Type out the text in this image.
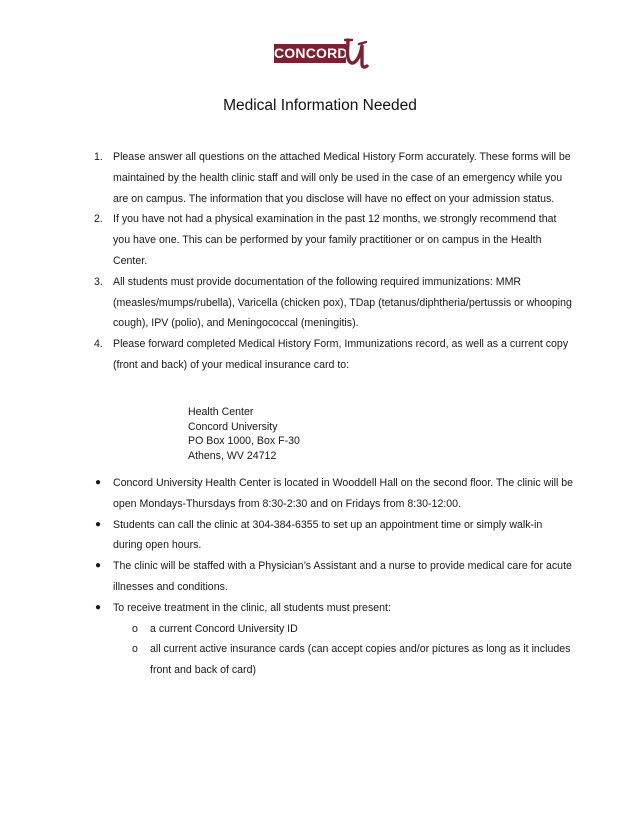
CONCORD
Medical Information Needed
1. Please answer all questions on the attached Medical History Form accurately. These forms will be maintained by the health clinic staff and will only be used in the case of an emergency while you are on campus. The information that you disclose will have no effect on your admission status.
2. If you have not had a physical examination in the past 12 months, we strongly recommend that you have one. This can be performed by your family practitioner or on campus in the Health Center.
3. All students must provide documentation of the following required immunizations: MMR (measles/mumps/rubella), Varicella (chicken pox), TDap (tetanus/diphtheria/pertussis or whooping cough), IPV (polio), and Meningococcal (meningitis).
4. Please forward completed Medical History Form, Immunizations record, as well as a current copy (front and back) of your medical insurance card to:
Health Center
Concord University
PO Box 1000, Box F-30
Athens, WV 24712
● Concord University Health Center is located in Wooddell Hall on the second floor. The clinic will be open Mondays-Thursdays from 8:30-2:30 and on Fridays from 8:30-12:00.
● Students can call the clinic at 304-384-6355 to set up an appointment time or simply walk-in during open hours.
● The clinic will be staffed with a Physician’s Assistant and a nurse to provide medical care for acute illnesses and conditions.
● To receive treatment in the clinic, all students must present:
o a current Concord University ID
o all current active insurance cards (can accept copies and/or pictures as long as it includes front and back of card)
